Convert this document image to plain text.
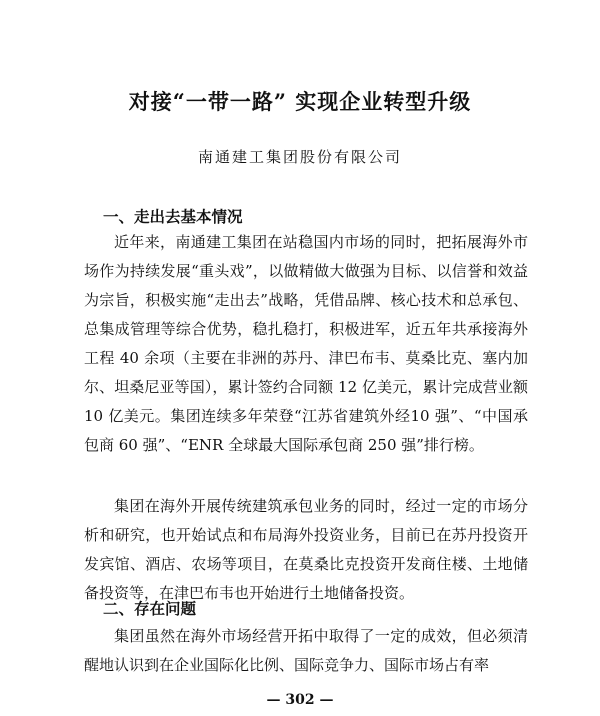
对接“一带一路” 实现企业转型升级
南通建工集团股份有限公司
一、走出去基本情况

近年来，南通建工集团在站稳国内市场的同时，把拓展海外市场作为持续发展“重头戏”，以做精做大做强为目标、以信誉和效益为宗旨，积极实施“走出去”战略，凭借品牌、核心技术和总承包、总集成管理等综合优势，稳扎稳打，积极进军，近五年共承接海外工程 40 余项（主要在非洲的苏丹、津巴布韦、莫桑比克、塞内加尔、坦桑尼亚等国），累计签约合同额 12 亿美元，累计完成营业额 10 亿美元。集团连续多年荣登“江苏省建筑外经10 强”、“中国承包商 60 强”、“ENR 全球最大国际承包商 250 强”排行榜。

集团在海外开展传统建筑承包业务的同时，经过一定的市场分析和研究，也开始试点和布局海外投资业务，目前已在苏丹投资开发宾馆、酒店、农场等项目，在莫桑比克投资开发商住楼、土地储备投资等，在津巴布韦也开始进行土地储备投资。

二、存在问题

集团虽然在海外市场经营开拓中取得了一定的成效，但必须清醒地认识到在企业国际化比例、国际竞争力、国际市场占有率

— 302 —
